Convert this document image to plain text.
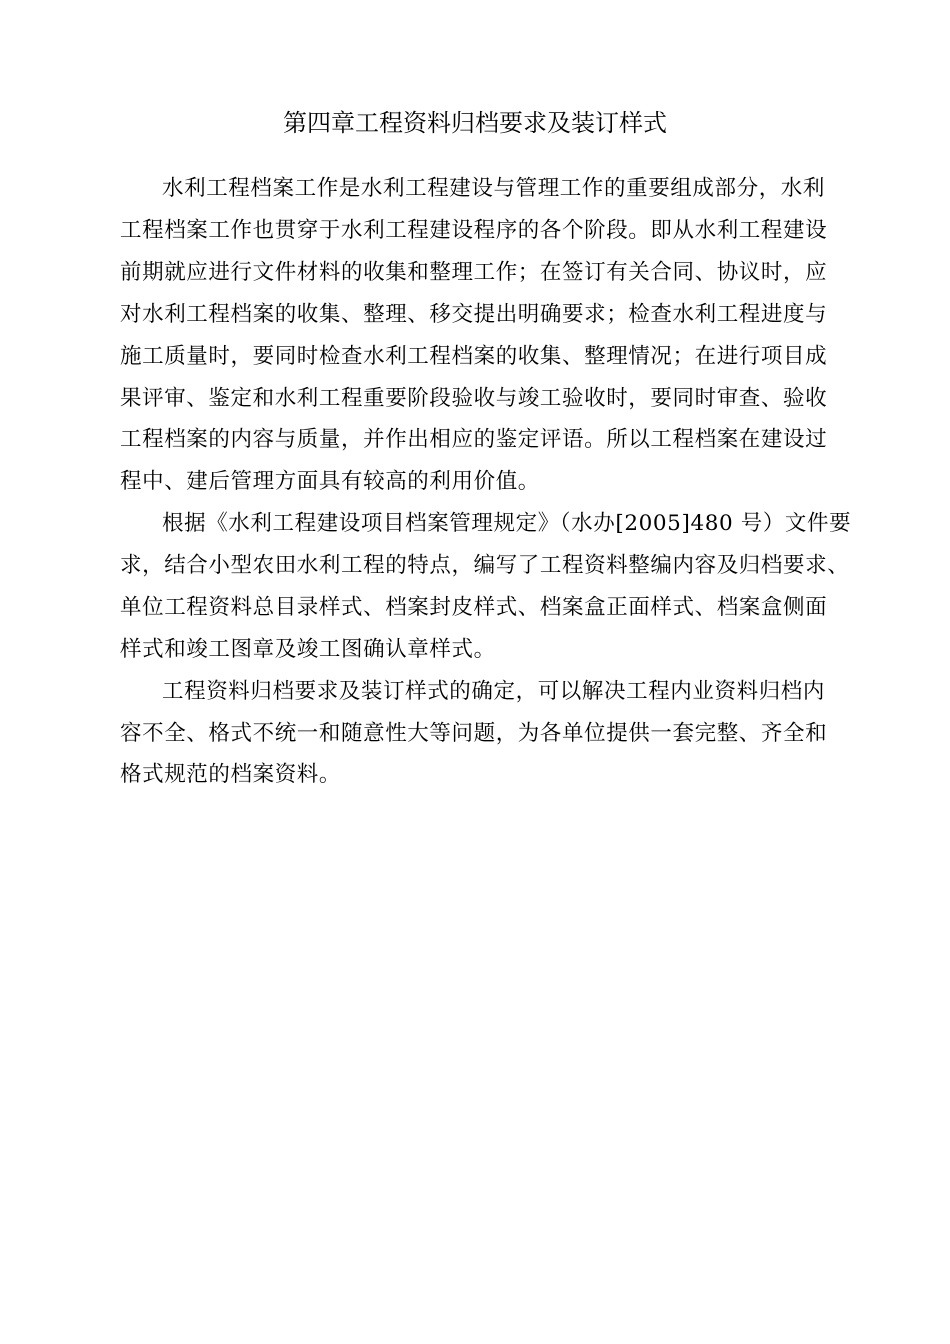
第四章工程资料归档要求及装订样式

水利工程档案工作是水利工程建设与管理工作的重要组成部分，水利

工程档案工作也贯穿于水利工程建设程序的各个阶段。即从水利工程建设

前期就应进行文件材料的收集和整理工作；在签订有关合同、协议时，应

对水利工程档案的收集、整理、移交提出明确要求；检查水利工程进度与

施工质量时，要同时检查水利工程档案的收集、整理情况；在进行项目成

果评审、鉴定和水利工程重要阶段验收与竣工验收时，要同时审查、验收

工程档案的内容与质量，并作出相应的鉴定评语。所以工程档案在建设过

程中、建后管理方面具有较高的利用价值。

根据《水利工程建设项目档案管理规定》（水办[2005]480 号）文件要

求，结合小型农田水利工程的特点，编写了工程资料整编内容及归档要求、

单位工程资料总目录样式、档案封皮样式、档案盒正面样式、档案盒侧面

样式和竣工图章及竣工图确认章样式。

工程资料归档要求及装订样式的确定，可以解决工程内业资料归档内

容不全、格式不统一和随意性大等问题，为各单位提供一套完整、齐全和

格式规范的档案资料。
